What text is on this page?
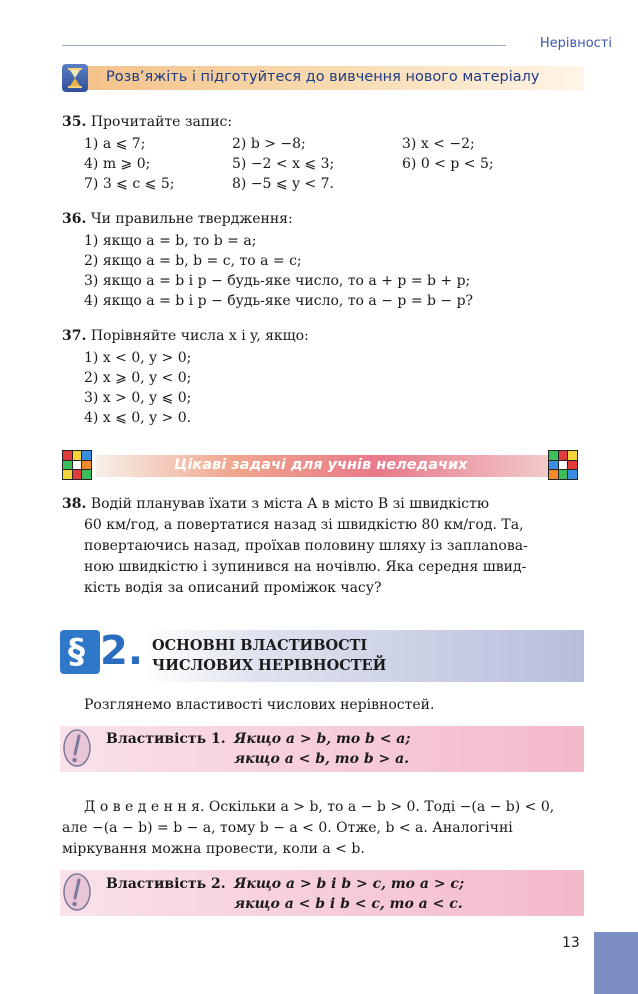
Нерівності
Розв’яжіть і підготуйтеся до вивчення нового матеріалу
35. Прочитайте запис:
1) a ⩽ 7;	2) b > −8;	3) x < −2;
4) m ⩾ 0;	5) −2 < x ⩽ 3;	6) 0 < p < 5;
7) 3 ⩽ c ⩽ 5;	8) −5 ⩽ y < 7.
36. Чи правильне твердження:
1) якщо a = b, то b = a;
2) якщо a = b, b = c, то a = c;
3) якщо a = b і p − будь-яке число, то a + p = b + p;
4) якщо a = b і p − будь-яке число, то a − p = b − p?
37. Порівняйте числа x і y, якщо:
1) x < 0, y > 0;
2) x ⩾ 0, y < 0;
3) x > 0, y ⩽ 0;
4) x ⩽ 0, y > 0.
Цікаві задачі для учнів неледачих
38. Водій планував їхати з міста A в місто B зі швидкістю
60 км/год, а повертатися назад зі швидкістю 80 км/год. Та,
повертаючись назад, проїхав половину шляху із заплanова-
ною швидкістю і зупинився на ночівлю. Яка середня швид-
кість водія за описаний проміжок часу?
§ 2. ОСНОВНІ ВЛАСТИВОСТІ
ЧИСЛОВИХ НЕРІВНОСТЕЙ
Розглянемо властивості числових нерівностей.
Властивість 1. Якщо a > b, то b < a;
якщо a < b, то b > a.
Д о в е д е н н я. Оскільки a > b, то a − b > 0. Тоді −(a − b) < 0,
але −(a − b) = b − a, тому b − a < 0. Отже, b < a. Аналогічні
міркування можна провести, коли a < b.
Властивість 2. Якщо a > b і b > c, то a > c;
якщо a < b і b < c, то a < c.
13
